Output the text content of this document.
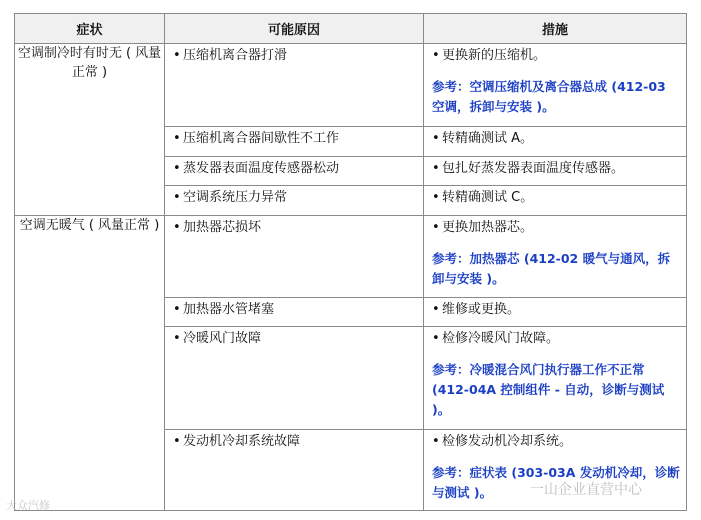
症状	可能原因	措施
空调制冷时有时无 ( 风量正常 )	• 压缩机离合器打滑	• 更换新的压缩机。
参考：空调压缩机及离合器总成 (412-03 空调，拆卸与安装 )。

	• 压缩机离合器间歇性不工作	• 转精确测试 A。

	• 蒸发器表面温度传感器松动	• 包扎好蒸发器表面温度传感器。

	• 空调系统压力异常	• 转精确测试 C。

空调无暖气 ( 风量正常 )	• 加热器芯损坏	• 更换加热器芯。
参考：加热器芯 (412-02 暖气与通风，拆卸与安装 )。

	• 加热器水管堵塞	• 维修或更换。

	• 冷暖风门故障	• 检修冷暖风门故障。
参考：冷暖混合风门执行器工作不正常 (412-04A 控制组件 - 自动，诊断与测试 )。

	• 发动机冷却系统故障	• 检修发动机冷却系统。
参考：症状表 (303-03A 发动机冷却，诊断与测试 )。
大众汽修
一山企业直营中心
